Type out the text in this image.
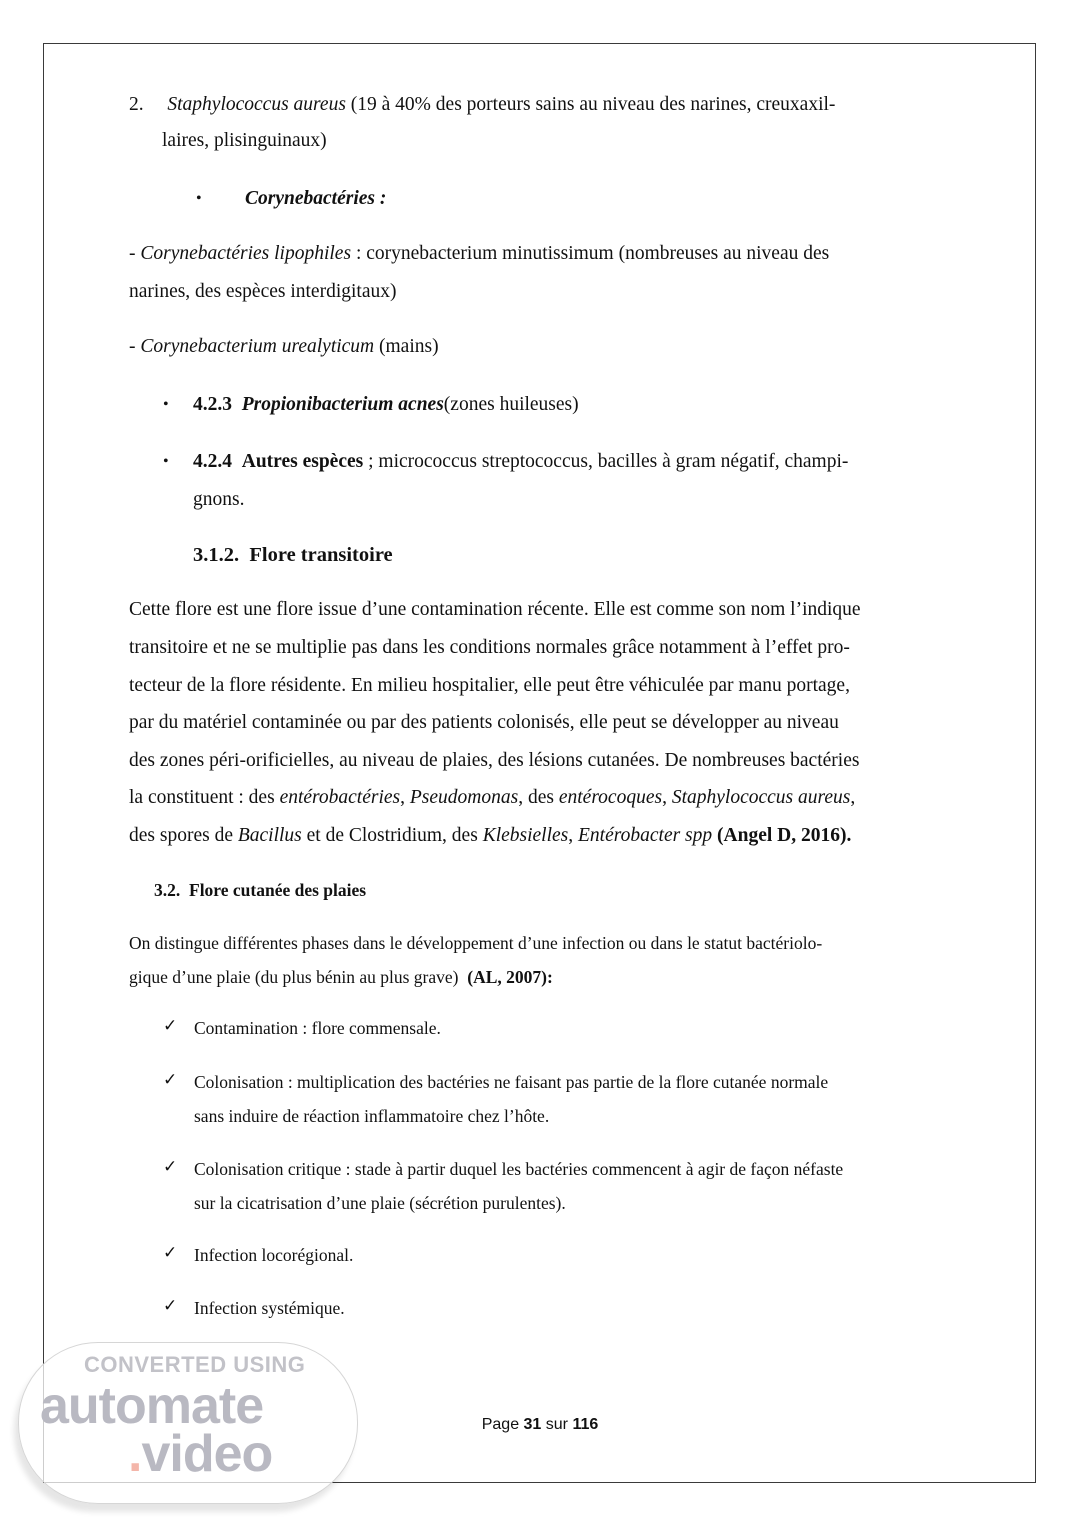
2. Staphylococcus aureus (19 à 40% des porteurs sains au niveau des narines, creuxaxil-
laires, plisinguinaux)
• Corynebactéries :
- Corynebactéries lipophiles : corynebacterium minutissimum (nombreuses au niveau des
narines, des espèces interdigitaux)
- Corynebacterium urealyticum (mains)
• 4.2.3 Propionibacterium acnes(zones huileuses)
• 4.2.4 Autres espèces ; micrococcus streptococcus, bacilles à gram négatif, champi-
gnons.
3.1.2. Flore transitoire
Cette flore est une flore issue d’une contamination récente. Elle est comme son nom l’indique
transitoire et ne se multiplie pas dans les conditions normales grâce notamment à l’effet pro-
tecteur de la flore résidente. En milieu hospitalier, elle peut être véhiculée par manu portage,
par du matériel contaminée ou par des patients colonisés, elle peut se développer au niveau
des zones péri-orificielles, au niveau de plaies, des lésions cutanées. De nombreuses bactéries
la constituent : des entérobactéries, Pseudomonas, des entérocoques, Staphylococcus aureus,
des spores de Bacillus et de Clostridium, des Klebsielles, Entérobacter spp (Angel D, 2016).
3.2. Flore cutanée des plaies
On distingue différentes phases dans le développement d’une infection ou dans le statut bactériolo-
gique d’une plaie (du plus bénin au plus grave)  (AL, 2007):
✓ Contamination : flore commensale.
✓ Colonisation : multiplication des bactéries ne faisant pas partie de la flore cutanée normale
sans induire de réaction inflammatoire chez l’hôte.
✓ Colonisation critique : stade à partir duquel les bactéries commencent à agir de façon néfaste
sur la cicatrisation d’une plaie (sécrétion purulentes).
✓ Infection locorégional.
✓ Infection systémique.
Page 31 sur 116
CONVERTED USING
automate
.video
